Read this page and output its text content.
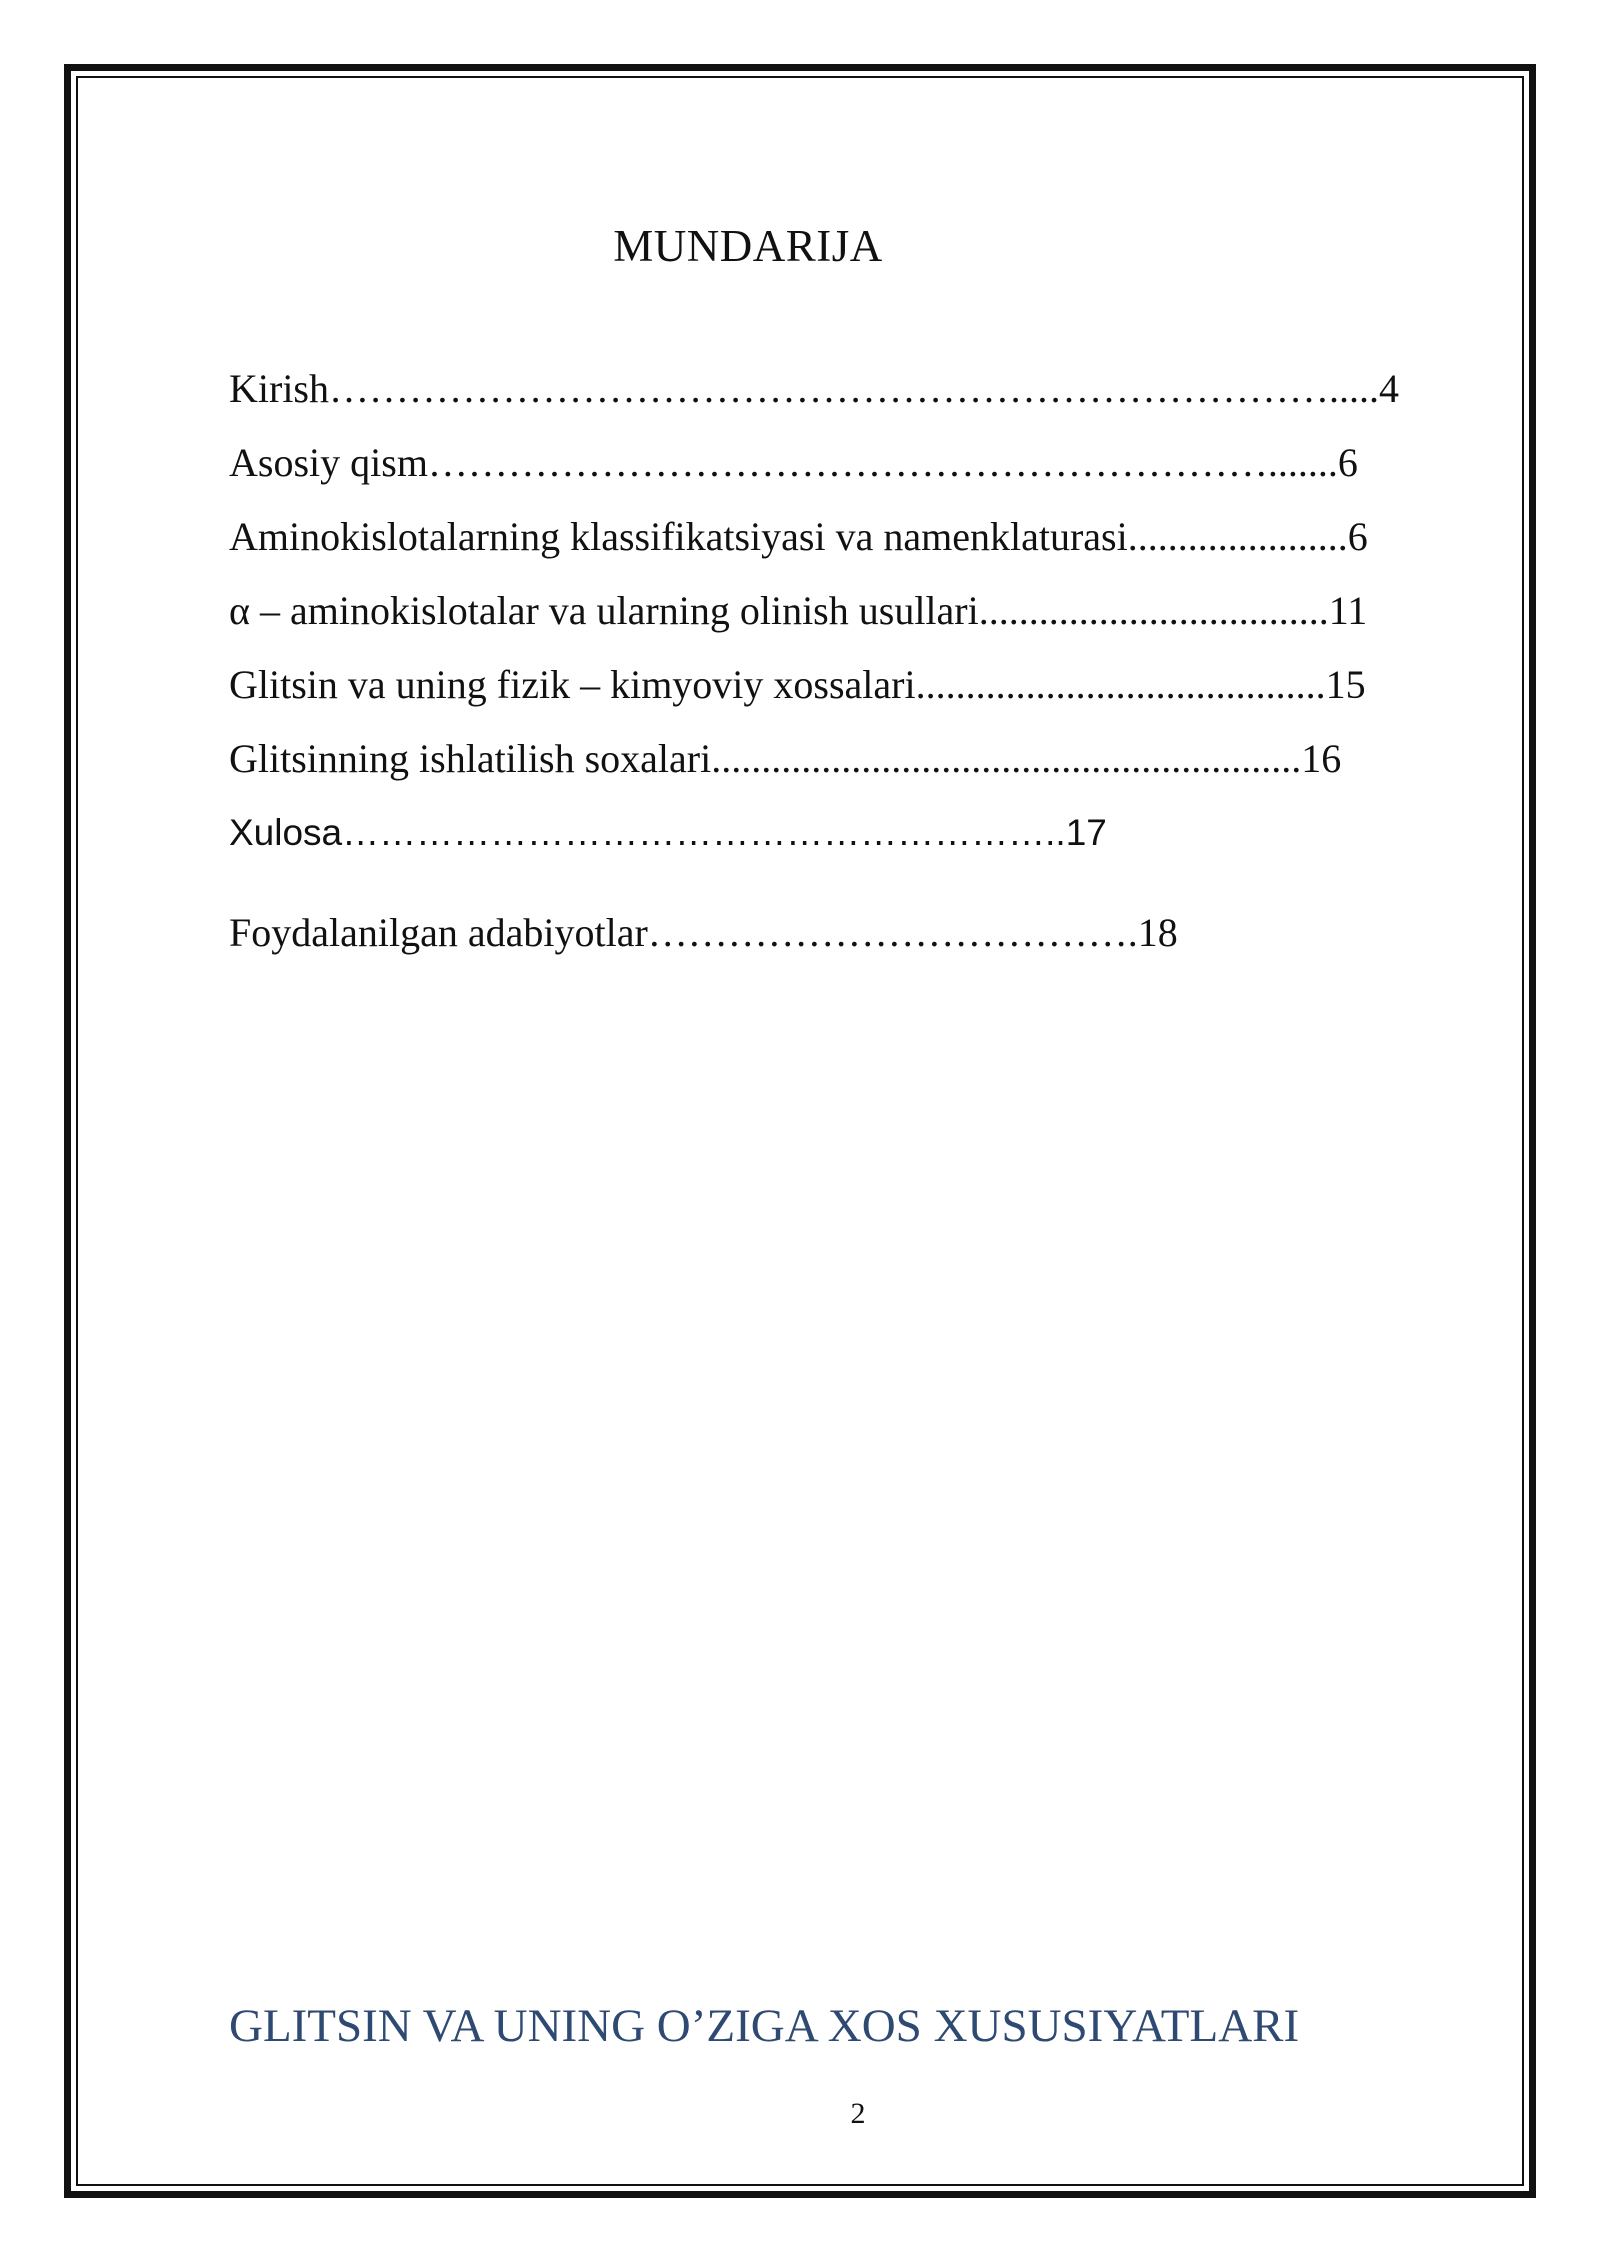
MUNDARIJA
Kirish………………………………………………………………….....4
Asosiy qism……………………………………………………….......6
Aminokislotalarning klassifikatsiyasi va namenklaturasi......................6
α – aminokislotalar va ularning olinish usullari...................................11
Glitsin va uning fizik – kimyoviy xossalari.........................................15
Glitsinning ishlatilish soxalari...........................................................16
Xulosa…………………………………………………..17
Foydalanilgan adabiyotlar……………………………….18
GLITSIN VA UNING O’ZIGA XOS XUSUSIYATLARI
2
